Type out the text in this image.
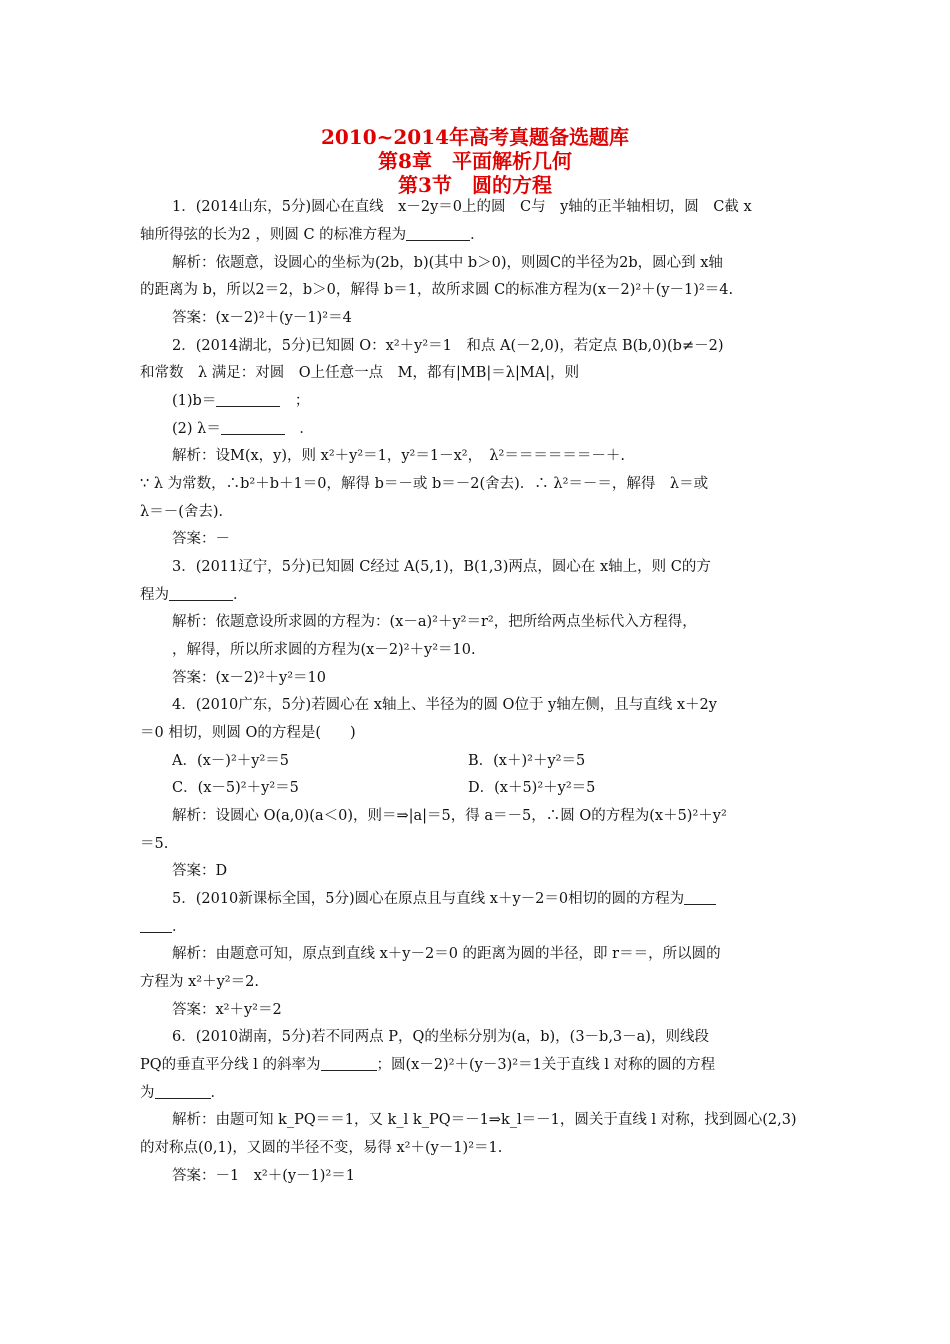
2010~2014年高考真题备选题库
第8章　平面解析几何
第3节　圆的方程
1．(2014山东，5分)圆心在直线　x－2y＝0上的圆　C与　y轴的正半轴相切，圆　C截 x
轴所得弦的长为2 ，则圆 C 的标准方程为	．
解析：依题意，设圆心的坐标为(2b，b)(其中 b＞0)，则圆C的半径为2b，圆心到 x轴
的距离为 b，所以2＝2，b＞0，解得 b＝1，故所求圆 C的标准方程为(x－2)²＋(y－1)²＝4.
答案：(x－2)²＋(y－1)²＝4
2．(2014湖北，5分)已知圆 O：x²＋y²＝1　和点 A(－2,0)，若定点 B(b,0)(b≠－2)
和常数　λ 满足：对圆　O上任意一点　M，都有|MB|＝λ|MA|，则
(1)b＝	　；
(2) λ＝	　．
解析：设M(x，y)，则 x²＋y²＝1，y²＝1－x²，　λ²＝＝＝＝＝＝－＋.
∵ λ 为常数，∴b²＋b＋1＝0，解得 b＝－或 b＝－2(舍去)．∴ λ²＝－＝，解得　λ＝或
λ＝－(舍去)．
答案：－
3．(2011辽宁，5分)已知圆 C经过 A(5,1)，B(1,3)两点，圆心在 x轴上，则 C的方
程为	．
解析：依题意设所求圆的方程为：(x－a)²＋y²＝r²，把所给两点坐标代入方程得，
，解得，所以所求圆的方程为(x－2)²＋y²＝10.
答案：(x－2)²＋y²＝10
4．(2010广东，5分)若圆心在 x轴上、半径为的圆 O位于 y轴左侧，且与直线 x＋2y
＝0 相切，则圆 O的方程是(　　)
A．(x－)²＋y²＝5	B．(x＋)²＋y²＝5
C．(x－5)²＋y²＝5	D．(x＋5)²＋y²＝5
解析：设圆心 O(a,0)(a＜0)，则＝⇒|a|＝5，得 a＝－5，∴圆 O的方程为(x＋5)²＋y²
＝5.
答案：D
5．(2010新课标全国，5分)圆心在原点且与直线 x＋y－2＝0相切的圆的方程为
．
解析：由题意可知，原点到直线 x＋y－2＝0 的距离为圆的半径，即 r＝＝，所以圆的
方程为 x²＋y²＝2.
答案：x²＋y²＝2
6．(2010湖南，5分)若不同两点 P，Q的坐标分别为(a，b)，(3－b,3－a)，则线段
PQ的垂直平分线 l 的斜率为	；圆(x－2)²＋(y－3)²＝1关于直线 l 对称的圆的方程
为	．
解析：由题可知 k_PQ＝＝1，又 k_l k_PQ＝－1⇒k_l＝－1，圆关于直线 l 对称，找到圆心(2,3)
的对称点(0,1)，又圆的半径不变，易得 x²＋(y－1)²＝1.
答案：－1　x²＋(y－1)²＝1
